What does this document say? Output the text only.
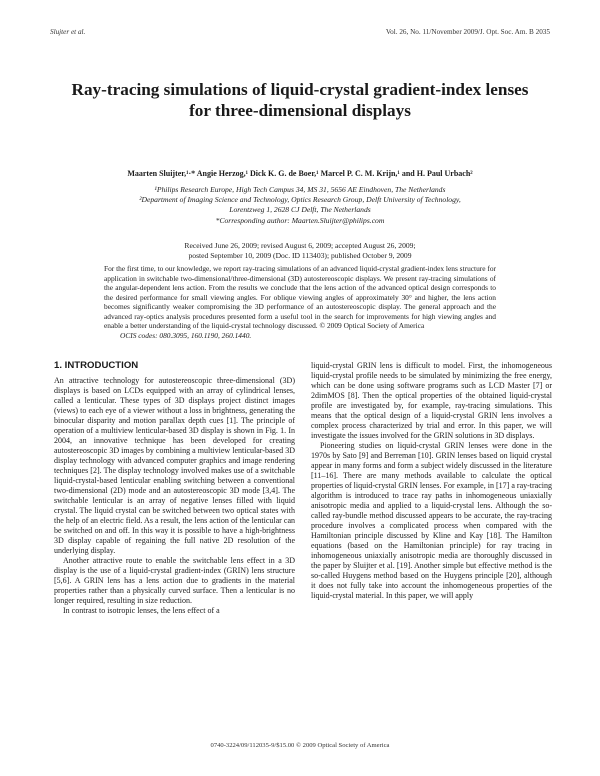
Slujter et al.	Vol. 26, No. 11/November 2009/J. Opt. Soc. Am. B 2035
Ray-tracing simulations of liquid-crystal gradient-index lenses for three-dimensional displays
Maarten Sluijter,¹·* Angie Herzog,¹ Dick K. G. de Boer,¹ Marcel P. C. M. Krijn,¹ and H. Paul Urbach²
¹Philips Research Europe, High Tech Campus 34, MS 31, 5656 AE Eindhoven, The Netherlands
²Department of Imaging Science and Technology, Optics Research Group, Delft University of Technology,
Lorentzweg 1, 2628 CJ Delft, The Netherlands
*Corresponding author: Maarten.Sluijter@philips.com
Received June 26, 2009; revised August 6, 2009; accepted August 26, 2009;
posted September 10, 2009 (Doc. ID 113403); published October 9, 2009
For the first time, to our knowledge, we report ray-tracing simulations of an advanced liquid-crystal gradient-index lens structure for application in switchable two-dimensional/three-dimensional (3D) autostereoscopic displays. We present ray-tracing simulations of the angular-dependent lens action. From the results we conclude that the lens action of the advanced optical design corresponds to the desired performance for small viewing angles. For oblique viewing angles of approximately 30° and higher, the lens action becomes significantly weaker compromising the 3D performance of an autostereoscopic display. The general approach and the advanced ray-optics analysis procedures presented form a useful tool in the search for improvements for high viewing angles and enable a better understanding of the liquid-crystal technology discussed. © 2009 Optical Society of America
OCIS codes: 080.3095, 160.1190, 260.1440.
1. INTRODUCTION

An attractive technology for autostereoscopic three-dimensional (3D) displays is based on LCDs equipped with an array of cylindrical lenses, called a lenticular. These types of 3D displays project distinct images (views) to each eye of a viewer without a loss in brightness, generating the binocular disparity and motion parallax depth cues [1]. The principle of operation of a multiview lenticular-based 3D display is shown in Fig. 1. In 2004, an innovative technique has been developed for creating autostereoscopic 3D images by combining a multiview lenticular-based 3D display technology with advanced computer graphics and image rendering techniques [2]. The display technology involved makes use of a switchable liquid-crystal-based lenticular enabling switching between a conventional two-dimensional (2D) mode and an autostereoscopic 3D mode [3,4]. The switchable lenticular is an array of negative lenses filled with liquid crystal. The liquid crystal can be switched between two optical states with the help of an electric field. As a result, the lens action of the lenticular can be switched on and off. In this way it is possible to have a high-brightness 3D display capable of regaining the full native 2D resolution of the underlying display.

Another attractive route to enable the switchable lens effect in a 3D display is the use of a liquid-crystal gradient-index (GRIN) lens structure [5,6]. A GRIN lens has a lens action due to gradients in the material properties rather than a physically curved surface. Then a lenticular is no longer required, resulting in size reduction.

In contrast to isotropic lenses, the lens effect of a

liquid-crystal GRIN lens is difficult to model. First, the inhomogeneous liquid-crystal profile needs to be simulated by minimizing the free energy, which can be done using software programs such as LCD Master [7] or 2dimMOS [8]. Then the optical properties of the obtained liquid-crystal profile are investigated by, for example, ray-tracing simulations. This means that the optical design of a liquid-crystal GRIN lens involves a complex process characterized by trial and error. In this paper, we will investigate the issues involved for the GRIN solutions in 3D displays.

Pioneering studies on liquid-crystal GRIN lenses were done in the 1970s by Sato [9] and Berreman [10]. GRIN lenses based on liquid crystal appear in many forms and form a subject widely discussed in the literature [11–16]. There are many methods available to calculate the optical properties of liquid-crystal GRIN lenses. For example, in [17] a ray-tracing algorithm is introduced to trace ray paths in inhomogeneous uniaxially anisotropic media and applied to a liquid-crystal lens. Although the so-called ray-bundle method discussed appears to be accurate, the ray-tracing procedure involves a complicated process when compared with the Hamiltonian principle discussed by Kline and Kay [18]. The Hamilton equations (based on the Hamiltonian principle) for ray tracing in inhomogeneous uniaxially anisotropic media are thoroughly discussed in the paper by Sluijter et al. [19]. Another simple but effective method is the so-called Huygens method based on the Huygens principle [20], although it does not fully take into account the inhomogeneous properties of the liquid-crystal material. In this paper, we will apply

0740-3224/09/112035-9/$15.00 © 2009 Optical Society of America
